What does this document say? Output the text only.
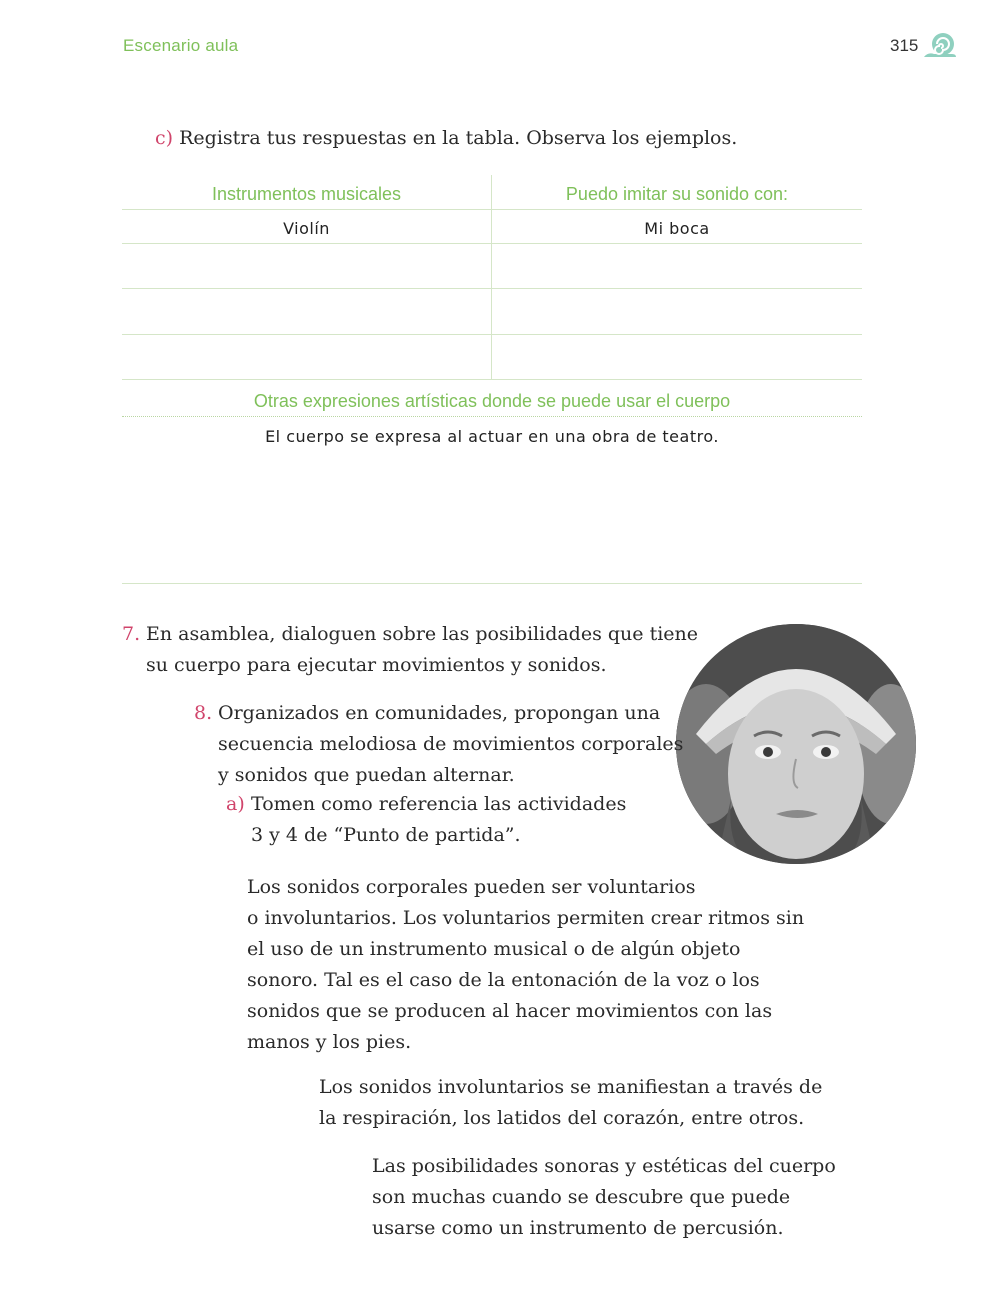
Escenario aula	315
c) Registra tus respuestas en la tabla. Observa los ejemplos.
Instrumentos musicales	Puedo imitar su sonido con:
Violín	Mi boca
Otras expresiones artísticas donde se puede usar el cuerpo
El cuerpo se expresa al actuar en una obra de teatro.
7. En asamblea, dialoguen sobre las posibilidades que tiene
su cuerpo para ejecutar movimientos y sonidos.
8. Organizados en comunidades, propongan una
secuencia melodiosa de movimientos corporales
y sonidos que puedan alternar.
a) Tomen como referencia las actividades
3 y 4 de “Punto de partida”.
Los sonidos corporales pueden ser voluntarios
o involuntarios. Los voluntarios permiten crear ritmos sin
el uso de un instrumento musical o de algún objeto
sonoro. Tal es el caso de la entonación de la voz o los
sonidos que se producen al hacer movimientos con las
manos y los pies.
Los sonidos involuntarios se manifiestan a través de
la respiración, los latidos del corazón, entre otros.
Las posibilidades sonoras y estéticas del cuerpo
son muchas cuando se descubre que puede
usarse como un instrumento de percusión.
